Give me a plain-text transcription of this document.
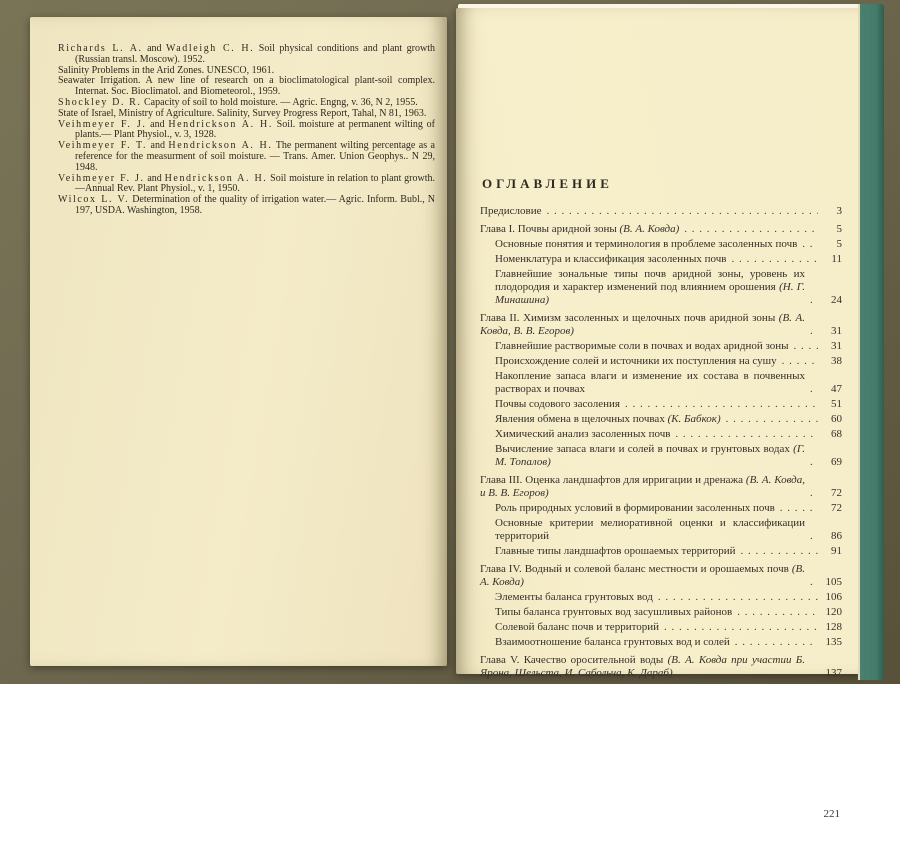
Richards L. A. and Wadleigh C. H. Soil physical conditions and plant growth (Russian transl. Moscow). 1952.

Salinity Problems in the Arid Zones. UNESCO, 1961.

Seawater Irrigation. A new line of research on a bioclimatological plant-soil complex. Internat. Soc. Bioclimatol. and Biometeorol., 1959.

Shockley D. R. Capacity of soil to hold moisture. — Agric. Engng, v. 36, N 2, 1955.

State of Israel, Ministry of Agriculture. Salinity, Survey Progress Report, Tahal, N 81, 1963.

Veihmeyer F. J. and Hendrickson A. H. Soil. moisture at permanent wilting of plants.— Plant Physiol., v. 3, 1928.

Veihmeyer F. T. and Hendrickson A. H. The permanent wilting percentage as a reference for the measurment of soil moisture. — Trans. Amer. Union Geophys.. N 29, 1948.

Veihmeyer F. J. and Hendrickson A. H. Soil moisture in relation to plant growth. —Annual Rev. Plant Physiol., v. 1, 1950.

Wilcox L. V. Determination of the quality of irrigation water.— Agric. Inform. Bubl., N 197, USDA. Washington, 1958.

ОГЛАВЛЕНИЕ
Предисловие . . .	3
Глава I. Почвы аридной зоны (В. А. Ковда) . . .	5
Основные понятия и терминология в проблеме засоленных почв . . .	5
Номенклатура и классификация засоленных почв . . .	11
Главнейшие зональные типы почв аридной зоны, уровень их плодородия и характер изменений под влиянием орошения (Н. Г. Минашина) . . .	24
Глава II. Химизм засоленных и щелочных почв аридной зоны (В. А. Ковда, В. В. Егоров) . . .	31
Главнейшие растворимые соли в почвах и водах аридной зоны . . .	31
Происхождение солей и источники их поступления на сушу . . .	38
Накопление запаса влаги и изменение их состава в почвенных растворах и почвах . . .	47
Почвы содового засоления . . .	51
Явления обмена в щелочных почвах (К. Бабкок) . . .	60
Химический анализ засоленных почв . . .	68
Вычисление запаса влаги и солей в почвах и грунтовых водах (Г. М. Топалов) . . .	69
Глава III. Оценка ландшафтов для ирригации и дренажа (В. А. Ковда, и В. В. Егоров) . . .	72
Роль природных условий в формировании засоленных почв . . .	72
Основные критерии мелиоративной оценки и классификации территорий . . .	86
Главные типы ландшафтов орошаемых территорий . . .	91
Глава IV. Водный и солевой баланс местности и орошаемых почв (В. А. Ковда) . . .	105
Элементы баланса грунтовых вод . . .	106
Типы баланса грунтовых вод засушливых районов . . .	120
Солевой баланс почв и территорий . . .	128
Взаимоотношение баланса грунтовых вод и солей . . .	135
Глава V. Качество оросительной воды (В. А. Ковда при участии Б. Ярона, Шельста, И. Сабольча, К. Дараб) . . .	137
221
